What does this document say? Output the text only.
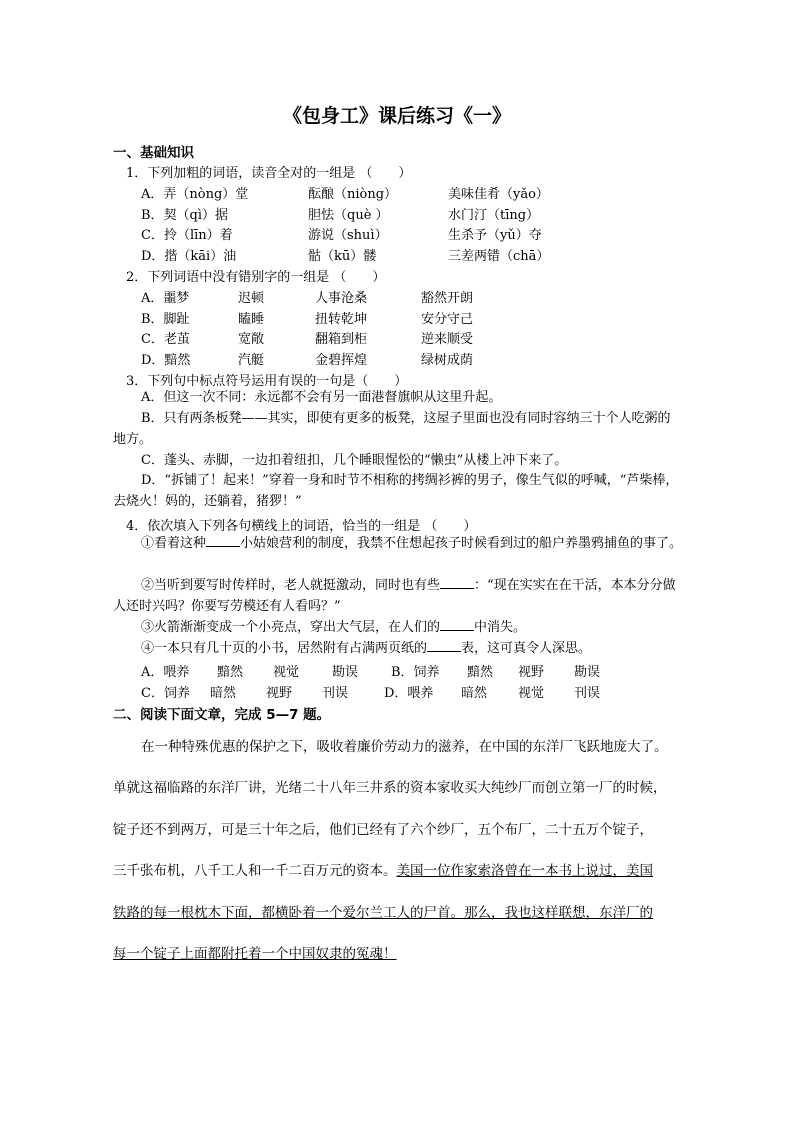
《包身工》课后练习《一》
一、基础知识
1．下列加粗的词语，读音全对的一组是 （　　）
A．弄（nòng）堂	酝酿（niòng）	美味佳肴（yǎo）
B．契（qì）据	胆怯（què ）	水门汀（tīng）
C．拎（līn）着	游说（shuì）	生杀予（yǔ）夺
D．揩（kāi）油	骷（kū）髅	三差两错（chā）
2．下列词语中没有错别字的一组是 （　　）
A．噩梦	迟顿	人事沧桑	豁然开朗
B．脚趾	瞌睡	扭转乾坤	安分守己
C．老茧	宽敞	翻箱到柜	逆来顺受
D．黯然	汽艇	金碧挥煌	绿树成荫
3．下列句中标点符号运用有误的一句是（　　）
A．但这一次不同：永远都不会有另一面港督旗帜从这里升起。
B．只有两条板凳——其实，即使有更多的板凳，这屋子里面也没有同时容纳三十个人吃粥的地方。
C．蓬头、赤脚，一边扣着纽扣，几个睡眼惺忪的“懒虫”从楼上冲下来了。
D．“拆铺了！起来！”穿着一身和时节不相称的拷绸衫裤的男子，像生气似的呼喊，“芦柴棒，去烧火！妈的，还躺着，猪猡！”
4．依次填入下列各句横线上的词语，恰当的一组是 （　　）
①看着这种	小姑娘营利的制度，我禁不住想起孩子时候看到过的船户养墨鸦捕鱼的事了。
②当听到要写时传样时，老人就挺激动，同时也有些	：“现在实实在在干活，本本分分做人还时兴吗？你要写劳模还有人看吗？”
③火箭渐渐变成一个小亮点，穿出大气层，在人们的	中消失。
④一本只有几十页的小书，居然附有占满两页纸的	表，这可真令人深思。
A．喂养 黯然 视觉	勘误	B．饲养 黯然 视野 勘误
C．饲养 暗然 视野 刊误	D．喂养 暗然 视觉 刊误
二、阅读下面文章，完成 5—7 题。
在一种特殊优惠的保护之下，吸收着廉价劳动力的滋养，在中国的东洋厂飞跃地庞大了。
单就这福临路的东洋厂讲，光绪二十八年三井系的资本家收买大纯纱厂而创立第一厂的时候，
锭子还不到两万，可是三十年之后，他们已经有了六个纱厂，五个布厂，二十五万个锭子，
三千张布机，八千工人和一千二百万元的资本。美国一位作家索洛曾在一本书上说过，美国
铁路的每一根枕木下面，都横卧着一个爱尔兰工人的尸首。那么，我也这样联想，东洋厂的
每一个锭子上面都附托着一个中国奴隶的冤魂！
